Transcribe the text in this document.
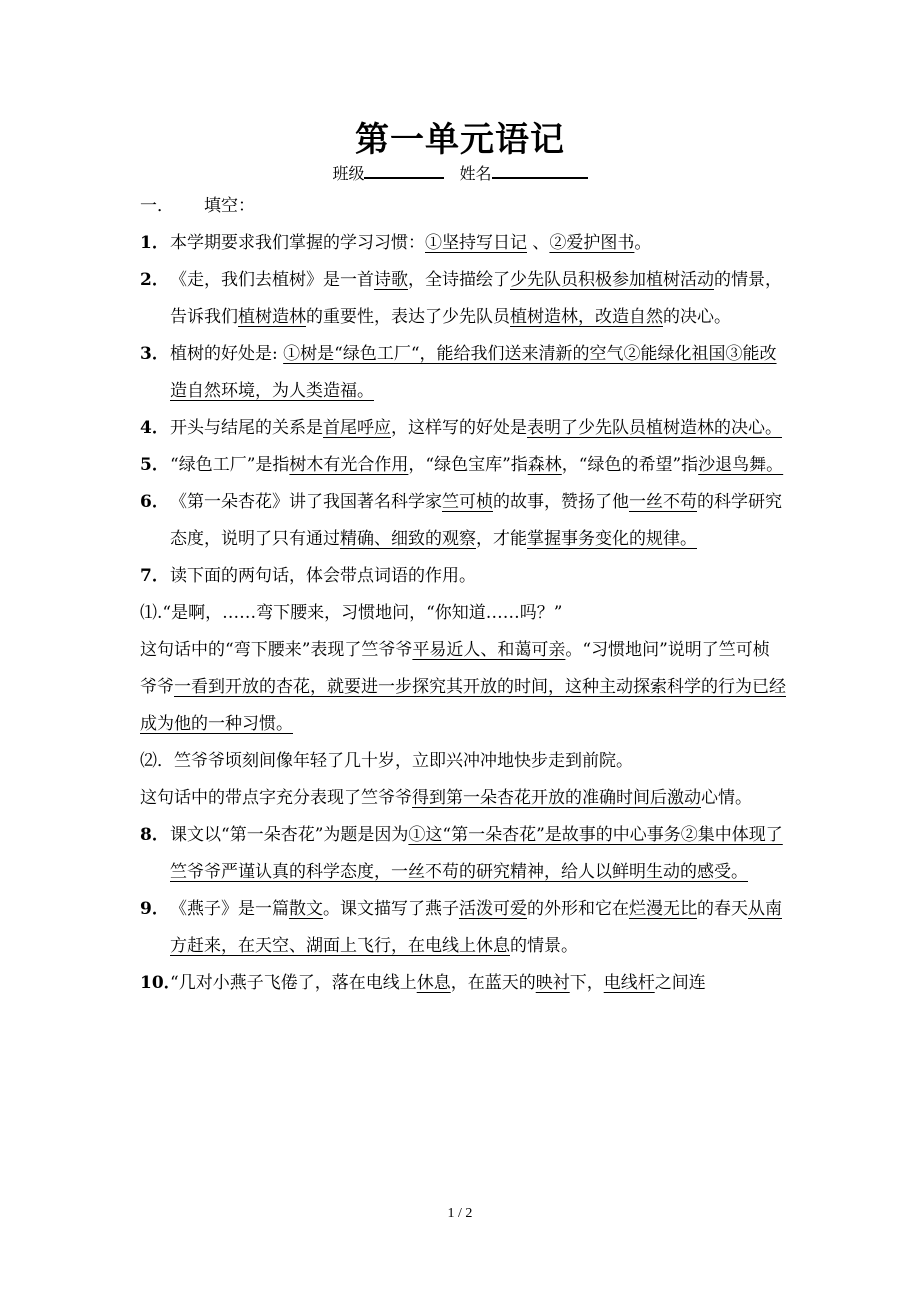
第一单元语记
班级	姓名
一． 填空：
1． 本学期要求我们掌握的学习习惯：①坚持写日记 、②爱护图书。
2． 《走，我们去植树》是一首诗歌，全诗描绘了少先队员积极参加植树活动的情景，告诉我们植树造林的重要性，表达了少先队员植树造林，改造自然的决心。
3． 植树的好处是: ①树是“绿色工厂“，能给我们送来清新的空气②能绿化祖国③能改造自然环境，为人类造福。
4． 开头与结尾的关系是首尾呼应，这样写的好处是表明了少先队员植树造林的决心。
5． “绿色工厂”是指树木有光合作用，“绿色宝库”指森林，“绿色的希望”指沙退鸟舞。
6． 《第一朵杏花》讲了我国著名科学家竺可桢的故事，赞扬了他一丝不苟的科学研究态度，说明了只有通过精确、细致的观察，才能掌握事务变化的规律。
7． 读下面的两句话，体会带点词语的作用。
⑴.“是啊，……弯下腰来，习惯地问，“你知道……吗？”
这句话中的“弯下腰来”表现了竺爷爷平易近人、和蔼可亲。“习惯地问”说明了竺可桢爷爷一看到开放的杏花，就要进一步探究其开放的时间，这种主动探索科学的行为已经成为他的一种习惯。
⑵．竺爷爷顷刻间像年轻了几十岁，立即兴冲冲地快步走到前院。
这句话中的带点字充分表现了竺爷爷得到第一朵杏花开放的准确时间后激动心情。
8． 课文以“第一朵杏花”为题是因为①这“第一朵杏花”是故事的中心事务②集中体现了竺爷爷严谨认真的科学态度，一丝不苟的研究精神，给人以鲜明生动的感受。
9． 《燕子》是一篇散文。课文描写了燕子活泼可爱的外形和它在烂漫无比的春天从南方赶来，在天空、湖面上飞行，在电线上休息的情景。
10．
“几对小燕子飞倦了，落在电线上休息，在蓝天的映衬下，电线杆之间连
1 / 2
